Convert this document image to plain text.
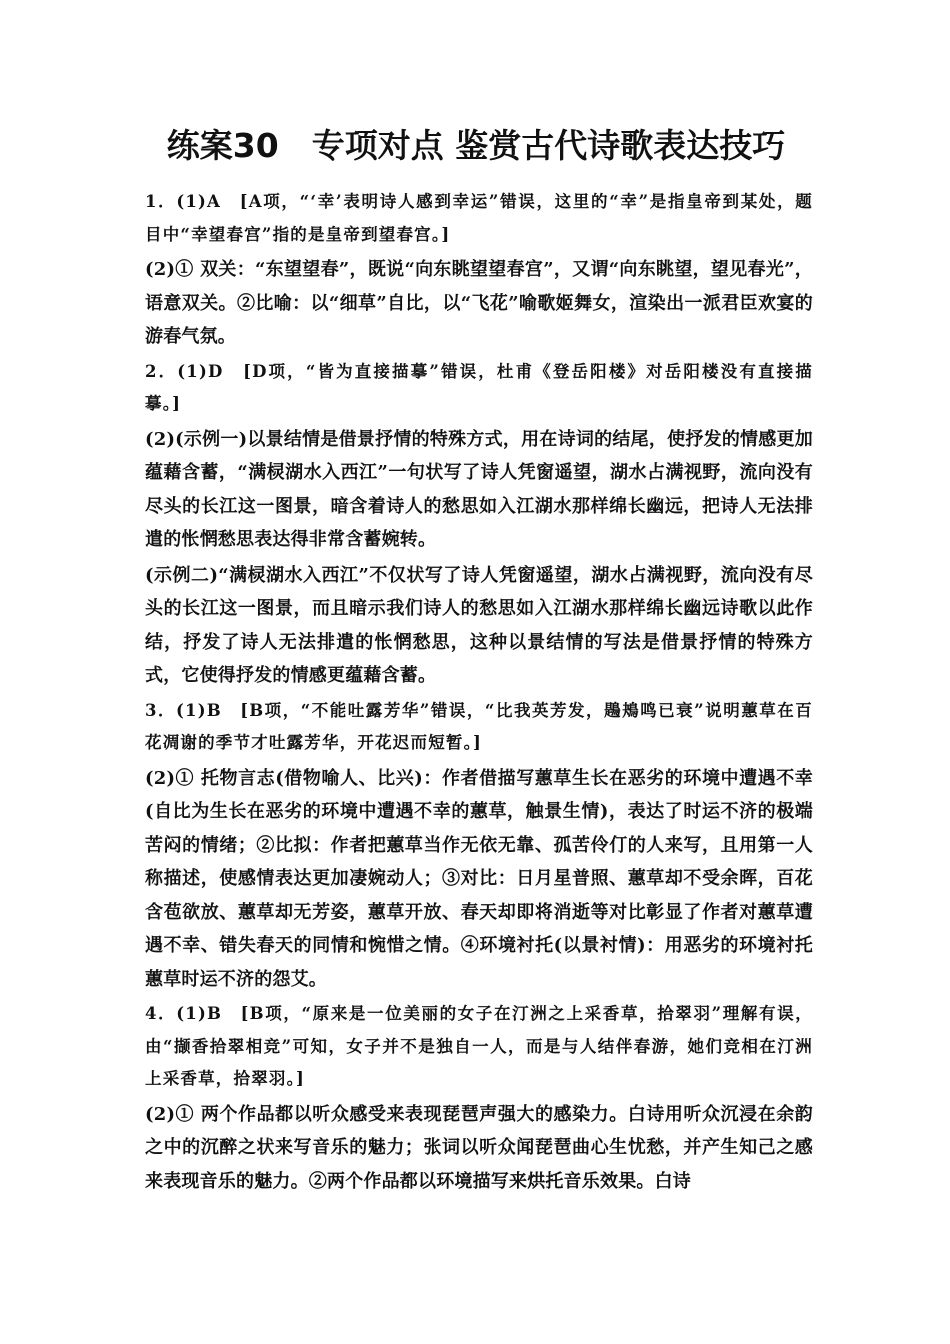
练案30　专项对点 鉴赏古代诗歌表达技巧

1．(1)A　[A项，“‘幸’表明诗人感到幸运”错误，这里的“幸”是指皇帝到某处，题目中“幸望春宫”指的是皇帝到望春宫。]

(2)① 双关：“东望望春”，既说“向东眺望望春宫”，又谓“向东眺望，望见春光”，语意双关。②比喻：以“细草”自比，以“飞花”喻歌姬舞女，渲染出一派君臣欢宴的游春气氛。

2．(1)D　[D项，“皆为直接描摹”错误，杜甫《登岳阳楼》对岳阳楼没有直接描摹。]

(2)(示例一)以景结情是借景抒情的特殊方式，用在诗词的结尾，使抒发的情感更加蕴藉含蓄，“满棂湖水入西江”一句状写了诗人凭窗遥望，湖水占满视野，流向没有尽头的长江这一图景，暗含着诗人的愁思如入江湖水那样绵长幽远，把诗人无法排遣的怅惘愁思表达得非常含蓄婉转。

(示例二)“满棂湖水入西江”不仅状写了诗人凭窗遥望，湖水占满视野，流向没有尽头的长江这一图景，而且暗示我们诗人的愁思如入江湖水那样绵长幽远诗歌以此作结，抒发了诗人无法排遣的怅惘愁思，这种以景结情的写法是借景抒情的特殊方式，它使得抒发的情感更蕴藉含蓄。

3．(1)B　[B项，“不能吐露芳华”错误，“比我英芳发，鶗鴂鸣已衰”说明蕙草在百花凋谢的季节才吐露芳华，开花迟而短暂。]

(2)① 托物言志(借物喻人、比兴)：作者借描写蕙草生长在恶劣的环境中遭遇不幸(自比为生长在恶劣的环境中遭遇不幸的蕙草，触景生情)，表达了时运不济的极端苦闷的情绪；②比拟：作者把蕙草当作无依无靠、孤苦伶仃的人来写，且用第一人称描述，使感情表达更加凄婉动人；③对比：日月星普照、蕙草却不受余晖，百花含苞欲放、蕙草却无芳姿，蕙草开放、春天却即将消逝等对比彰显了作者对蕙草遭遇不幸、错失春天的同情和惋惜之情。④环境衬托(以景衬情)：用恶劣的环境衬托蕙草时运不济的怨艾。

4．(1)B　[B项，“原来是一位美丽的女子在汀洲之上采香草，拾翠羽”理解有误，由“撷香拾翠相竞”可知，女子并不是独自一人，而是与人结伴春游，她们竞相在汀洲上采香草，拾翠羽。]

(2)① 两个作品都以听众感受来表现琵琶声强大的感染力。白诗用听众沉浸在余韵之中的沉醉之状来写音乐的魅力；张词以听众闻琵琶曲心生忧愁，并产生知己之感来表现音乐的魅力。②两个作品都以环境描写来烘托音乐效果。白诗
